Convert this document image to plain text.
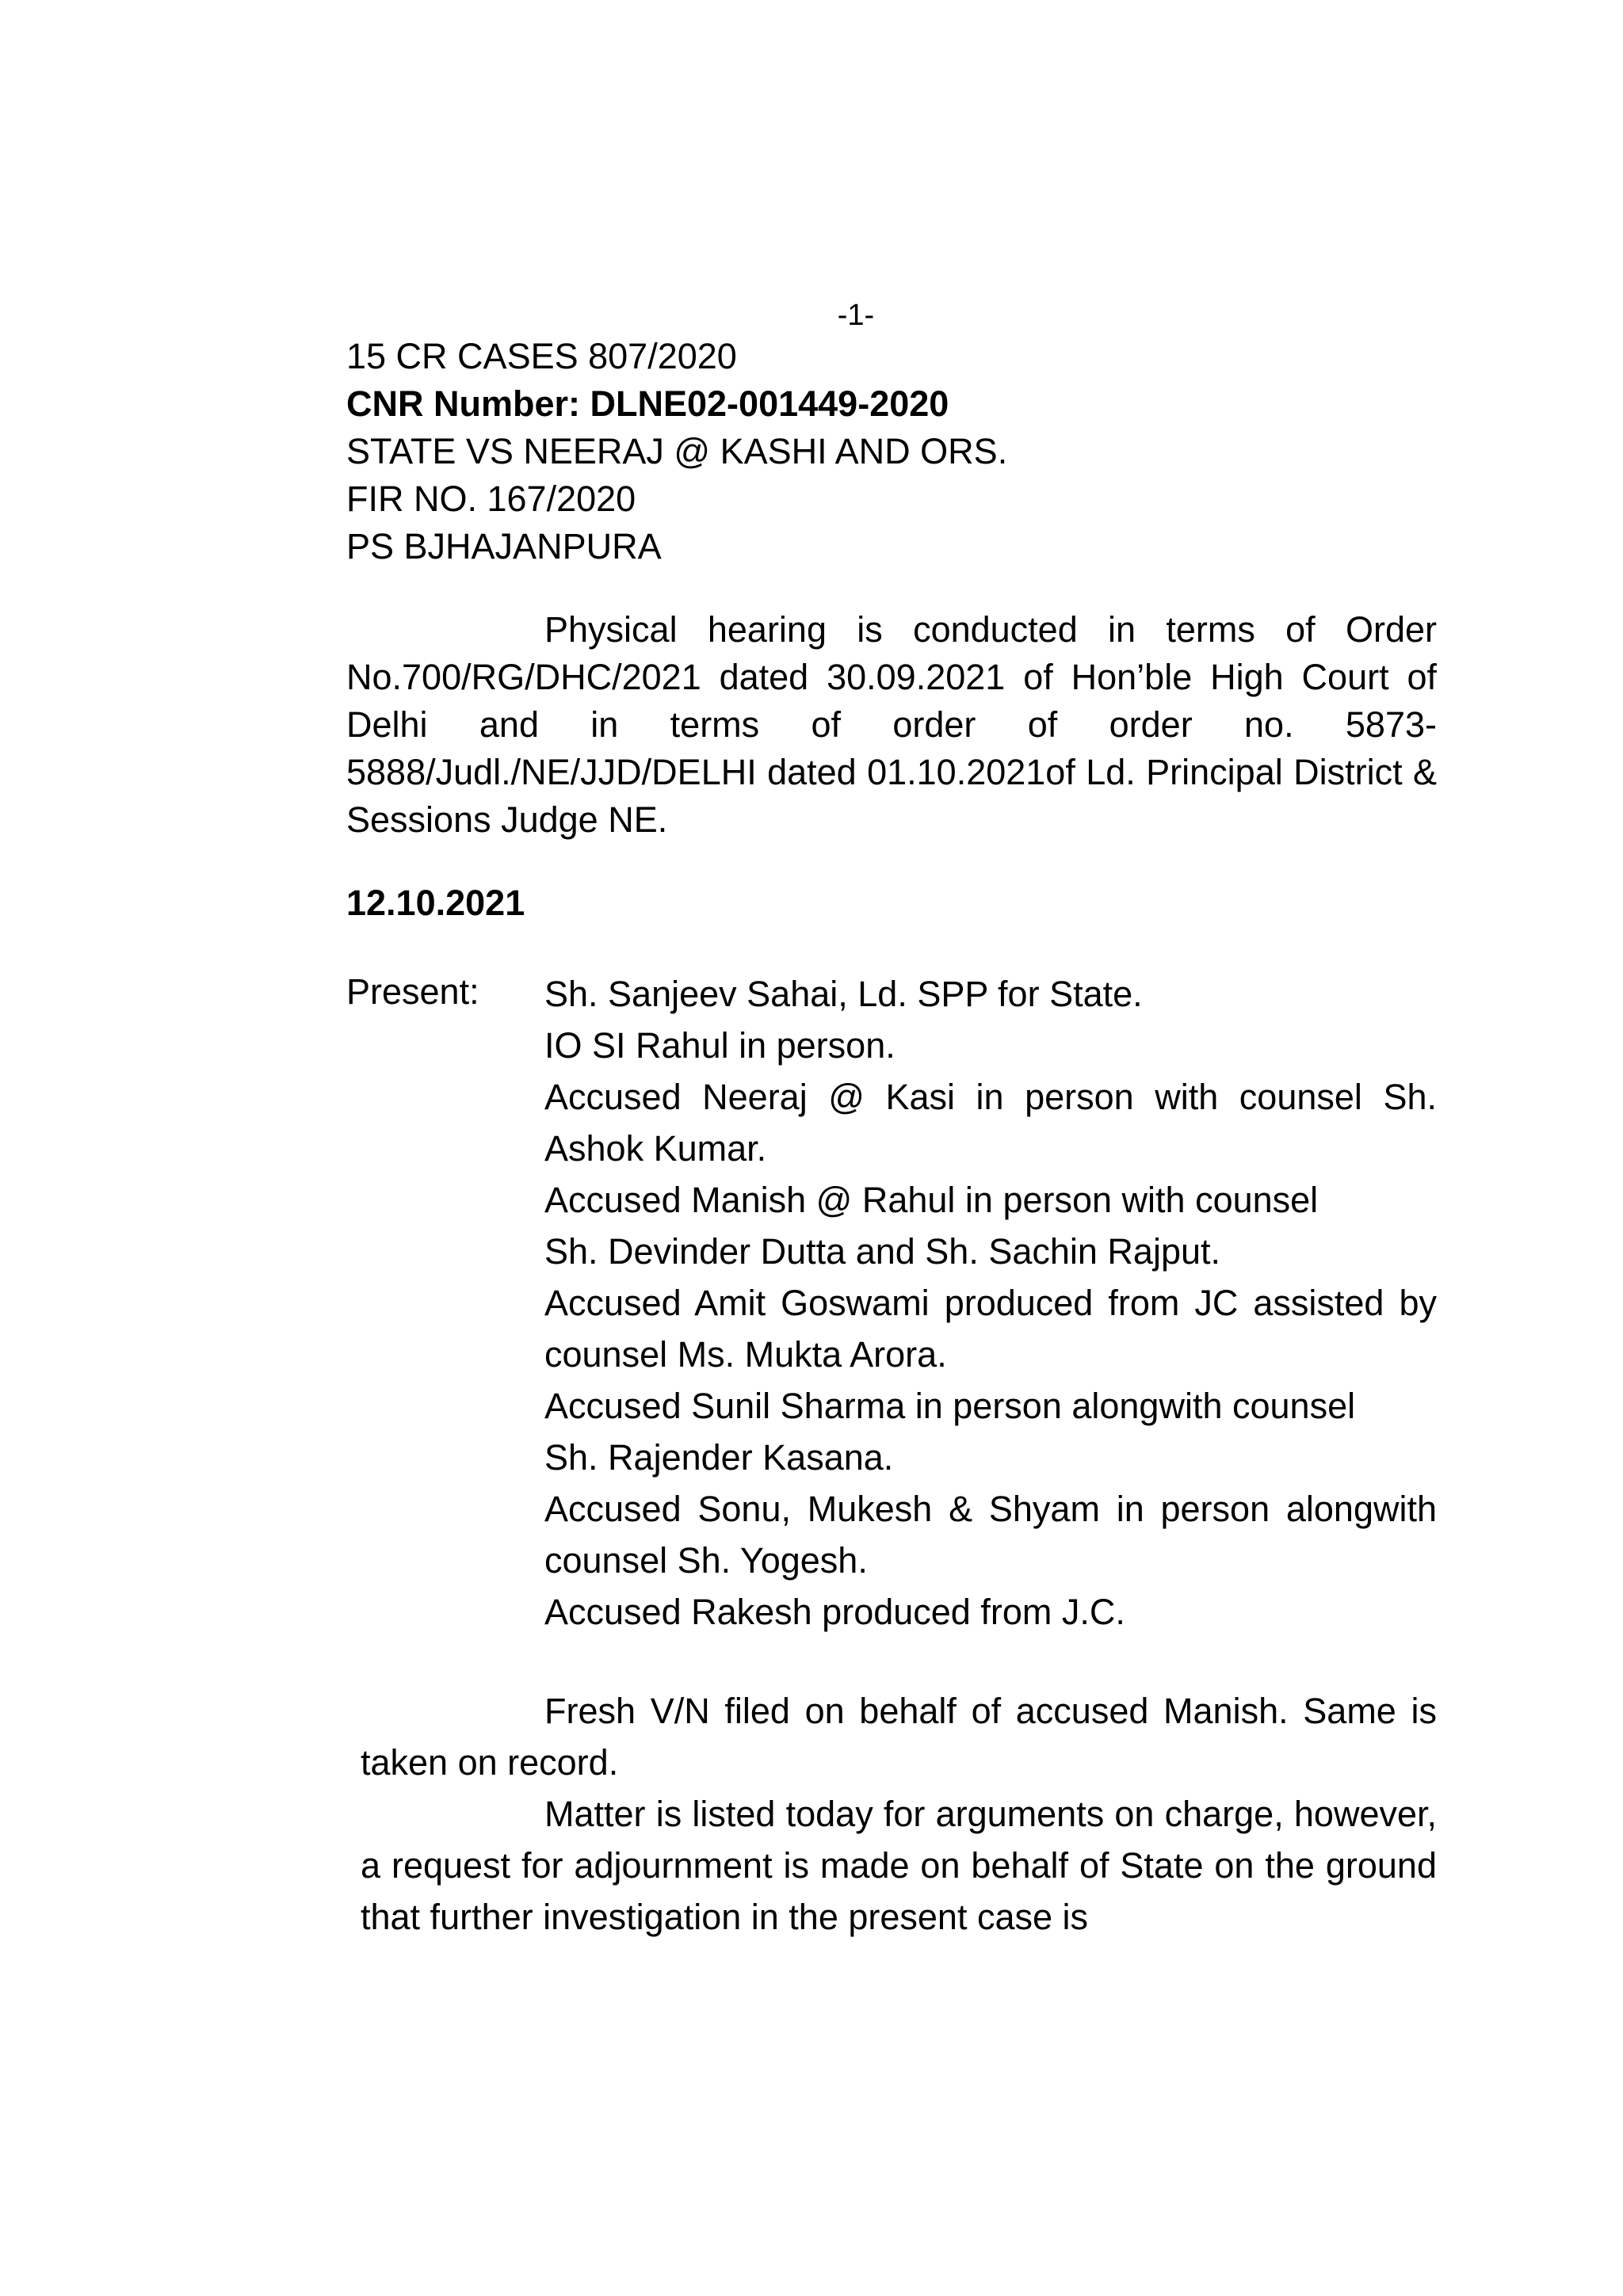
-1-
15 CR CASES 807/2020
CNR Number: DLNE02-001449-2020
STATE VS NEERAJ @ KASHI AND ORS.
FIR NO. 167/2020
PS BJHAJANPURA
Physical hearing is conducted in terms of Order No.700/RG/DHC/2021 dated 30.09.2021 of Hon’ble High Court of Delhi and in terms of order of order no. 5873-5888/Judl./NE/JJD/DELHI dated 01.10.2021of Ld. Principal District & Sessions Judge NE.
12.10.2021
Present: Sh. Sanjeev Sahai, Ld. SPP for State.
IO SI Rahul in person.
Accused Neeraj @ Kasi in person with counsel Sh. Ashok Kumar.
Accused Manish @ Rahul in person with counsel Sh. Devinder Dutta and Sh. Sachin Rajput.
Accused Amit Goswami produced from JC assisted by counsel Ms. Mukta Arora.
Accused Sunil Sharma in person alongwith counsel Sh. Rajender Kasana.
Accused Sonu, Mukesh & Shyam in person alongwith counsel Sh. Yogesh.
Accused Rakesh produced from J.C.
Fresh V/N filed on behalf of accused Manish. Same is taken on record.
Matter is listed today for arguments on charge, however, a request for adjournment is made on behalf of State on the ground that further investigation in the present case is
